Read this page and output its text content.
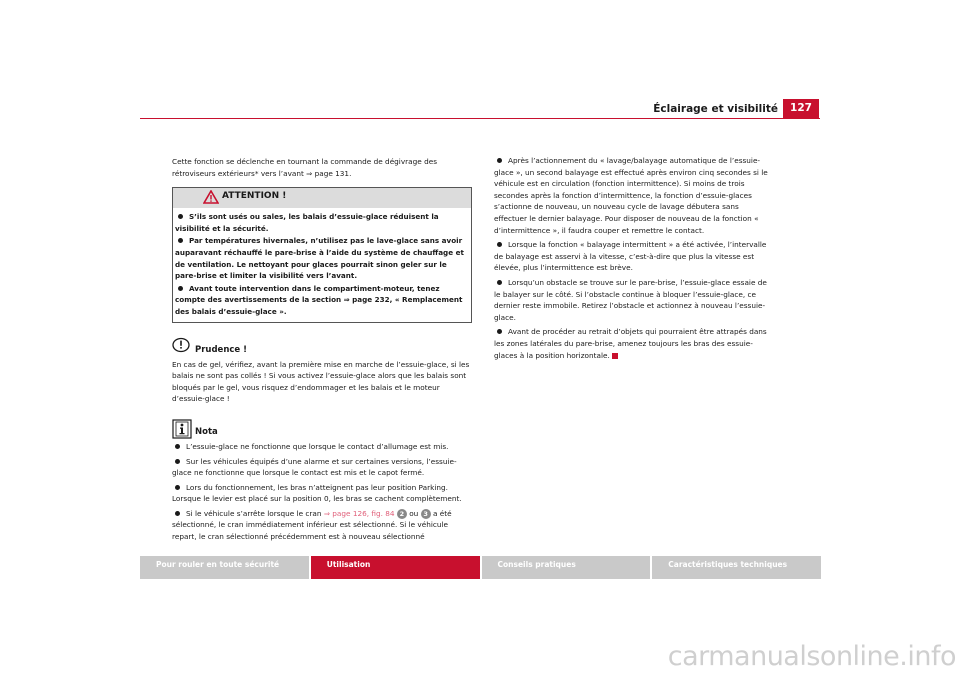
Éclairage et visibilité	127

Cette fonction se déclenche en tournant la commande de dégivrage des rétroviseurs extérieurs* vers l’avant ⇒ page 131.

ATTENTION !

S’ils sont usés ou sales, les balais d’essuie-glace réduisent la visibilité et la sécurité.

Par températures hivernales, n’utilisez pas le lave-glace sans avoir auparavant réchauffé le pare-brise à l’aide du système de chauffage et de ventilation. Le nettoyant pour glaces pourrait sinon geler sur le pare-brise et limiter la visibilité vers l’avant.

Avant toute intervention dans le compartiment-moteur, tenez compte des avertissements de la section ⇒ page 232, « Remplacement des balais d’essuie-glace ».

Prudence !

En cas de gel, vérifiez, avant la première mise en marche de l’essuie-glace, si les balais ne sont pas collés ! Si vous activez l’essuie-glace alors que les balais sont bloqués par le gel, vous risquez d’endommager et les balais et le moteur d’essuie-glace !

Nota

L’essuie-glace ne fonctionne que lorsque le contact d’allumage est mis.

Sur les véhicules équipés d’une alarme et sur certaines versions, l’essuie-glace ne fonctionne que lorsque le contact est mis et le capot fermé.

Lors du fonctionnement, les bras n’atteignent pas leur position Parking. Lorsque le levier est placé sur la position 0, les bras se cachent complètement.

Si le véhicule s’arrête lorsque le cran ⇒ page 126, fig. 84 2 ou 3 a été sélectionné, le cran immédiatement inférieur est sélectionné. Si le véhicule repart, le cran sélectionné précédemment est à nouveau sélectionné

Après l’actionnement du « lavage/balayage automatique de l’essuie-glace », un second balayage est effectué après environ cinq secondes si le véhicule est en circulation (fonction intermittence). Si moins de trois secondes après la fonction d’intermittence, la fonction d’essuie-glaces s’actionne de nouveau, un nouveau cycle de lavage débutera sans effectuer le dernier balayage. Pour disposer de nouveau de la fonction « d’intermittence », il faudra couper et remettre le contact.

Lorsque la fonction « balayage intermittent » a été activée, l’intervalle de balayage est asservi à la vitesse, c’est-à-dire que plus la vitesse est élevée, plus l’intermittence est brève.

Lorsqu’un obstacle se trouve sur le pare-brise, l’essuie-glace essaie de le balayer sur le côté. Si l’obstacle continue à bloquer l’essuie-glace, ce dernier reste immobile. Retirez l’obstacle et actionnez à nouveau l’essuie-glace.

Avant de procéder au retrait d’objets qui pourraient être attrapés dans les zones latérales du pare-brise, amenez toujours les bras des essuie-glaces à la position horizontale.

Pour rouler en toute sécurité	Utilisation	Conseils pratiques	Caractéristiques techniques
carmanualsonline.info
